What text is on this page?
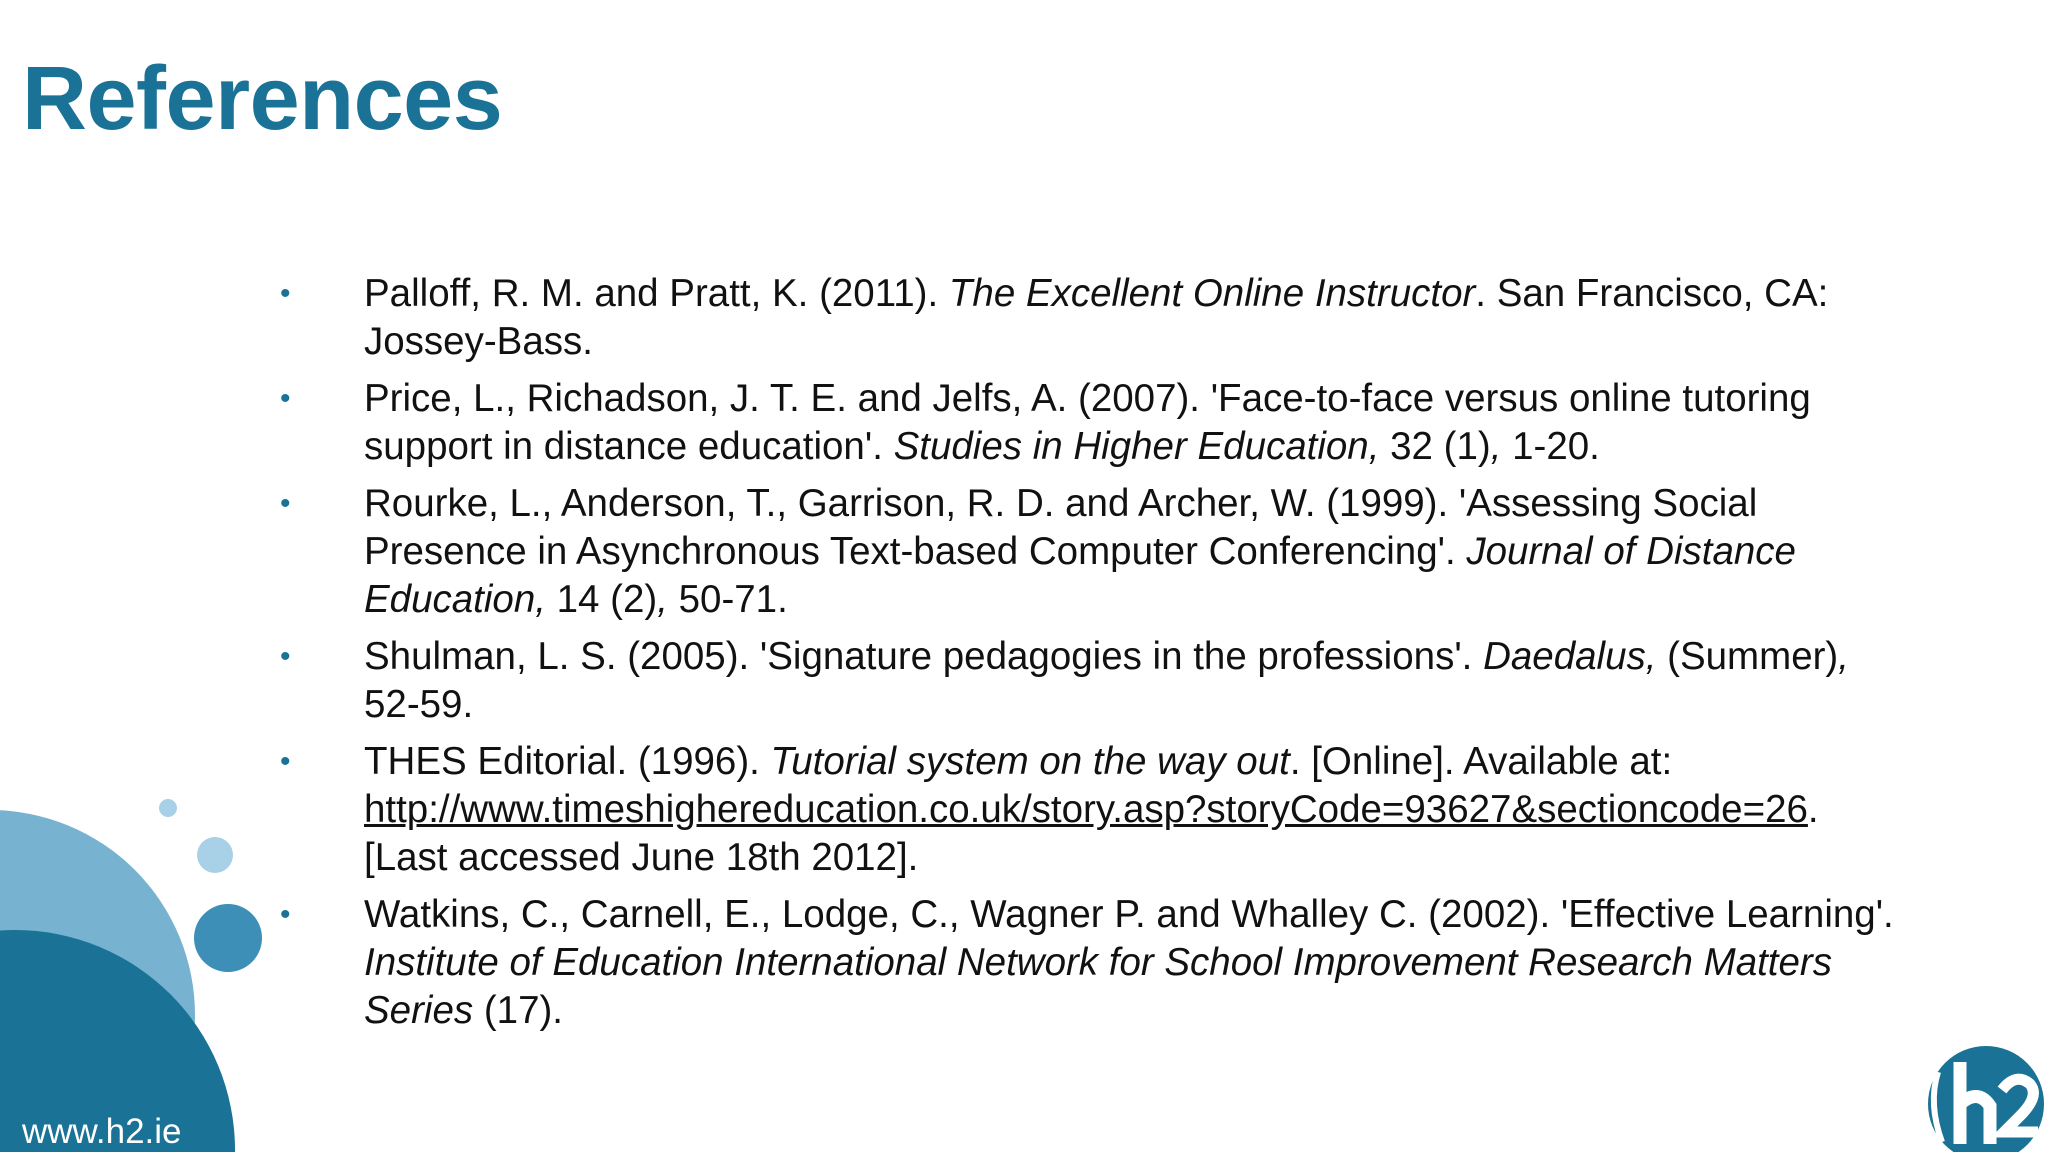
References
•	Palloff, R. M. and Pratt, K. (2011). The Excellent Online Instructor. San Francisco, CA: Jossey-Bass.
•	Price, L., Richadson, J. T. E. and Jelfs, A. (2007). 'Face-to-face versus online tutoring support in distance education'. Studies in Higher Education, 32 (1), 1-20.
•	Rourke, L., Anderson, T., Garrison, R. D. and Archer, W. (1999). 'Assessing Social Presence in Asynchronous Text-based Computer Conferencing'. Journal of Distance Education, 14 (2), 50-71.
•	Shulman, L. S. (2005). 'Signature pedagogies in the professions'. Daedalus, (Summer), 52-59.
•	THES Editorial. (1996). Tutorial system on the way out. [Online]. Available at: http://www.timeshighereducation.co.uk/story.asp?storyCode=93627&sectioncode=26. [Last accessed June 18th 2012].
•	Watkins, C., Carnell, E., Lodge, C., Wagner P. and Whalley C. (2002). 'Effective Learning'. Institute of Education International Network for School Improvement Research Matters Series (17).
www.h2.ie
